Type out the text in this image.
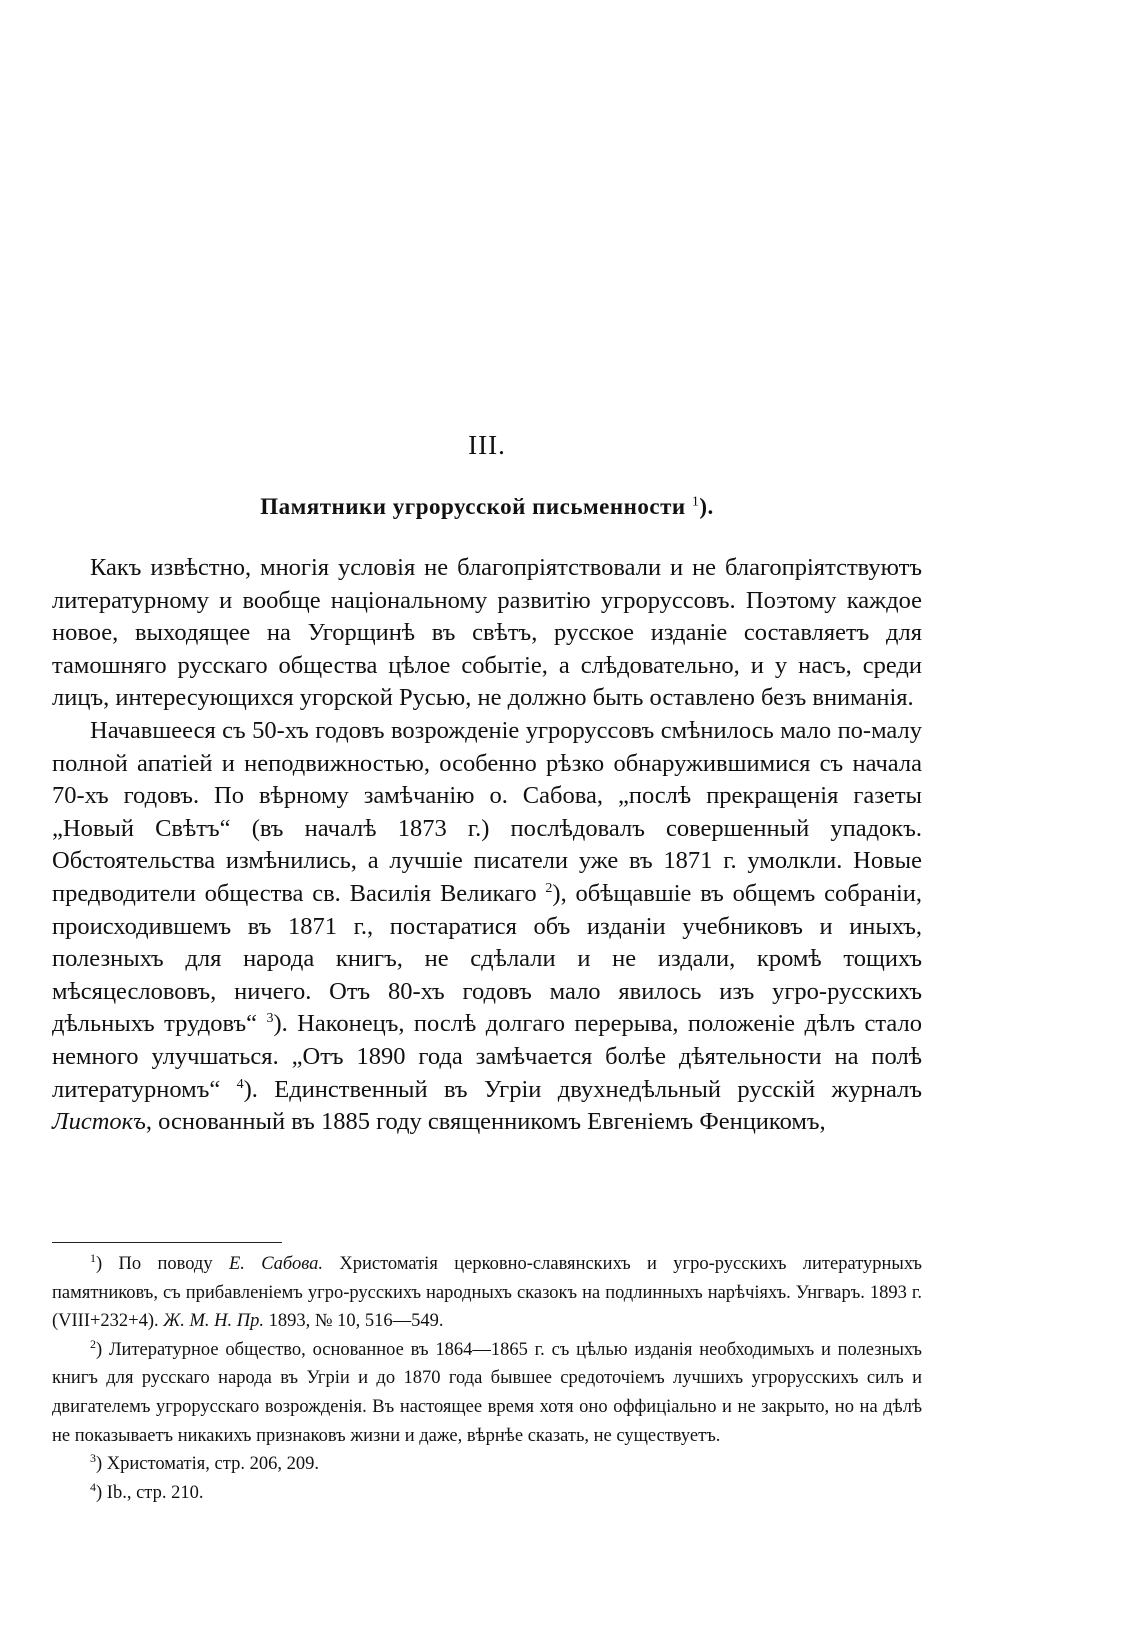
III.
Памятники угрорусской письменности $^1$).

Какъ извѣстно, многія условія не благопріятствовали и не благопріятствуютъ литературному и вообще національному развитію угрорусcовъ. Поэтому каждое новое, выходящее на Угорщинѣ въ свѣтъ, русское изданіе составляетъ для тамошняго русскаго общества цѣлое событіе, а слѣдовательно, и у насъ, среди лицъ, интересующихся угорской Русью, не должно быть оставлено безъ вниманія.

Начавшееся съ 50-хъ годовъ возрожденіе угроруссовъ смѣнилось мало по-малу полной апатіей и неподвижностью, особенно рѣзко обнаружившимися съ начала 70-хъ годовъ. По вѣрному замѣчанію о. Сабова, „послѣ прекращенія газеты „Новый Свѣтъ“ (въ началѣ 1873 г.) послѣдовалъ совершенный упадокъ. Обстоятельства измѣнились, а лучшіе писатели уже въ 1871 г. умолкли. Новые предводители общества св. Василія Великаго $^2$), обѣщавшіе въ общемъ собраніи, происходившемъ въ 1871 г., постаратися объ изданіи учебниковъ и иныхъ, полезныхъ для народа книгъ, не сдѣлали и не издали, кромѣ тощихъ мѣсяцеслововъ, ничего. Отъ 80-хъ годовъ мало явилось изъ угро-русскихъ дѣльныхъ трудовъ“ $^3$). Наконецъ, послѣ долгаго перерыва, положеніе дѣлъ стало немного улучшаться. „Отъ 1890 года замѣчается болѣе дѣятельности на полѣ литературномъ“ $^4$). Единственный въ Угріи двухнедѣльный русскій журналъ Листокъ, основанный въ 1885 году священникомъ Евгеніемъ Фенцикомъ,

$^1$) По поводу Е. Сабова. Христоматія церковно-славянскихъ и угро-русскихъ литературныхъ памятниковъ, съ прибавленіемъ угро-русскихъ народныхъ сказокъ на подлинныхъ нарѣчіяхъ. Унгваръ. 1893 г. (VIII+232+4). Ж. М. Н. Пр. 1893, № 10, 516—549.

$^2$) Литературное общество, основанное въ 1864—1865 г. съ цѣлью изданія необходимыхъ и полезныхъ книгъ для русскаго народа въ Угріи и до 1870 года бывшее средоточіемъ лучшихъ угрорусскихъ силъ и двигателемъ угрорусскаго возрожденія. Въ настоящее время хотя оно оффиціально и не закрыто, но на дѣлѣ не показываетъ никакихъ признаковъ жизни и даже, вѣрнѣе сказать, не существуетъ.

$^3$) Христоматія, стр. 206, 209.

$^4$) Ib., стр. 210.
